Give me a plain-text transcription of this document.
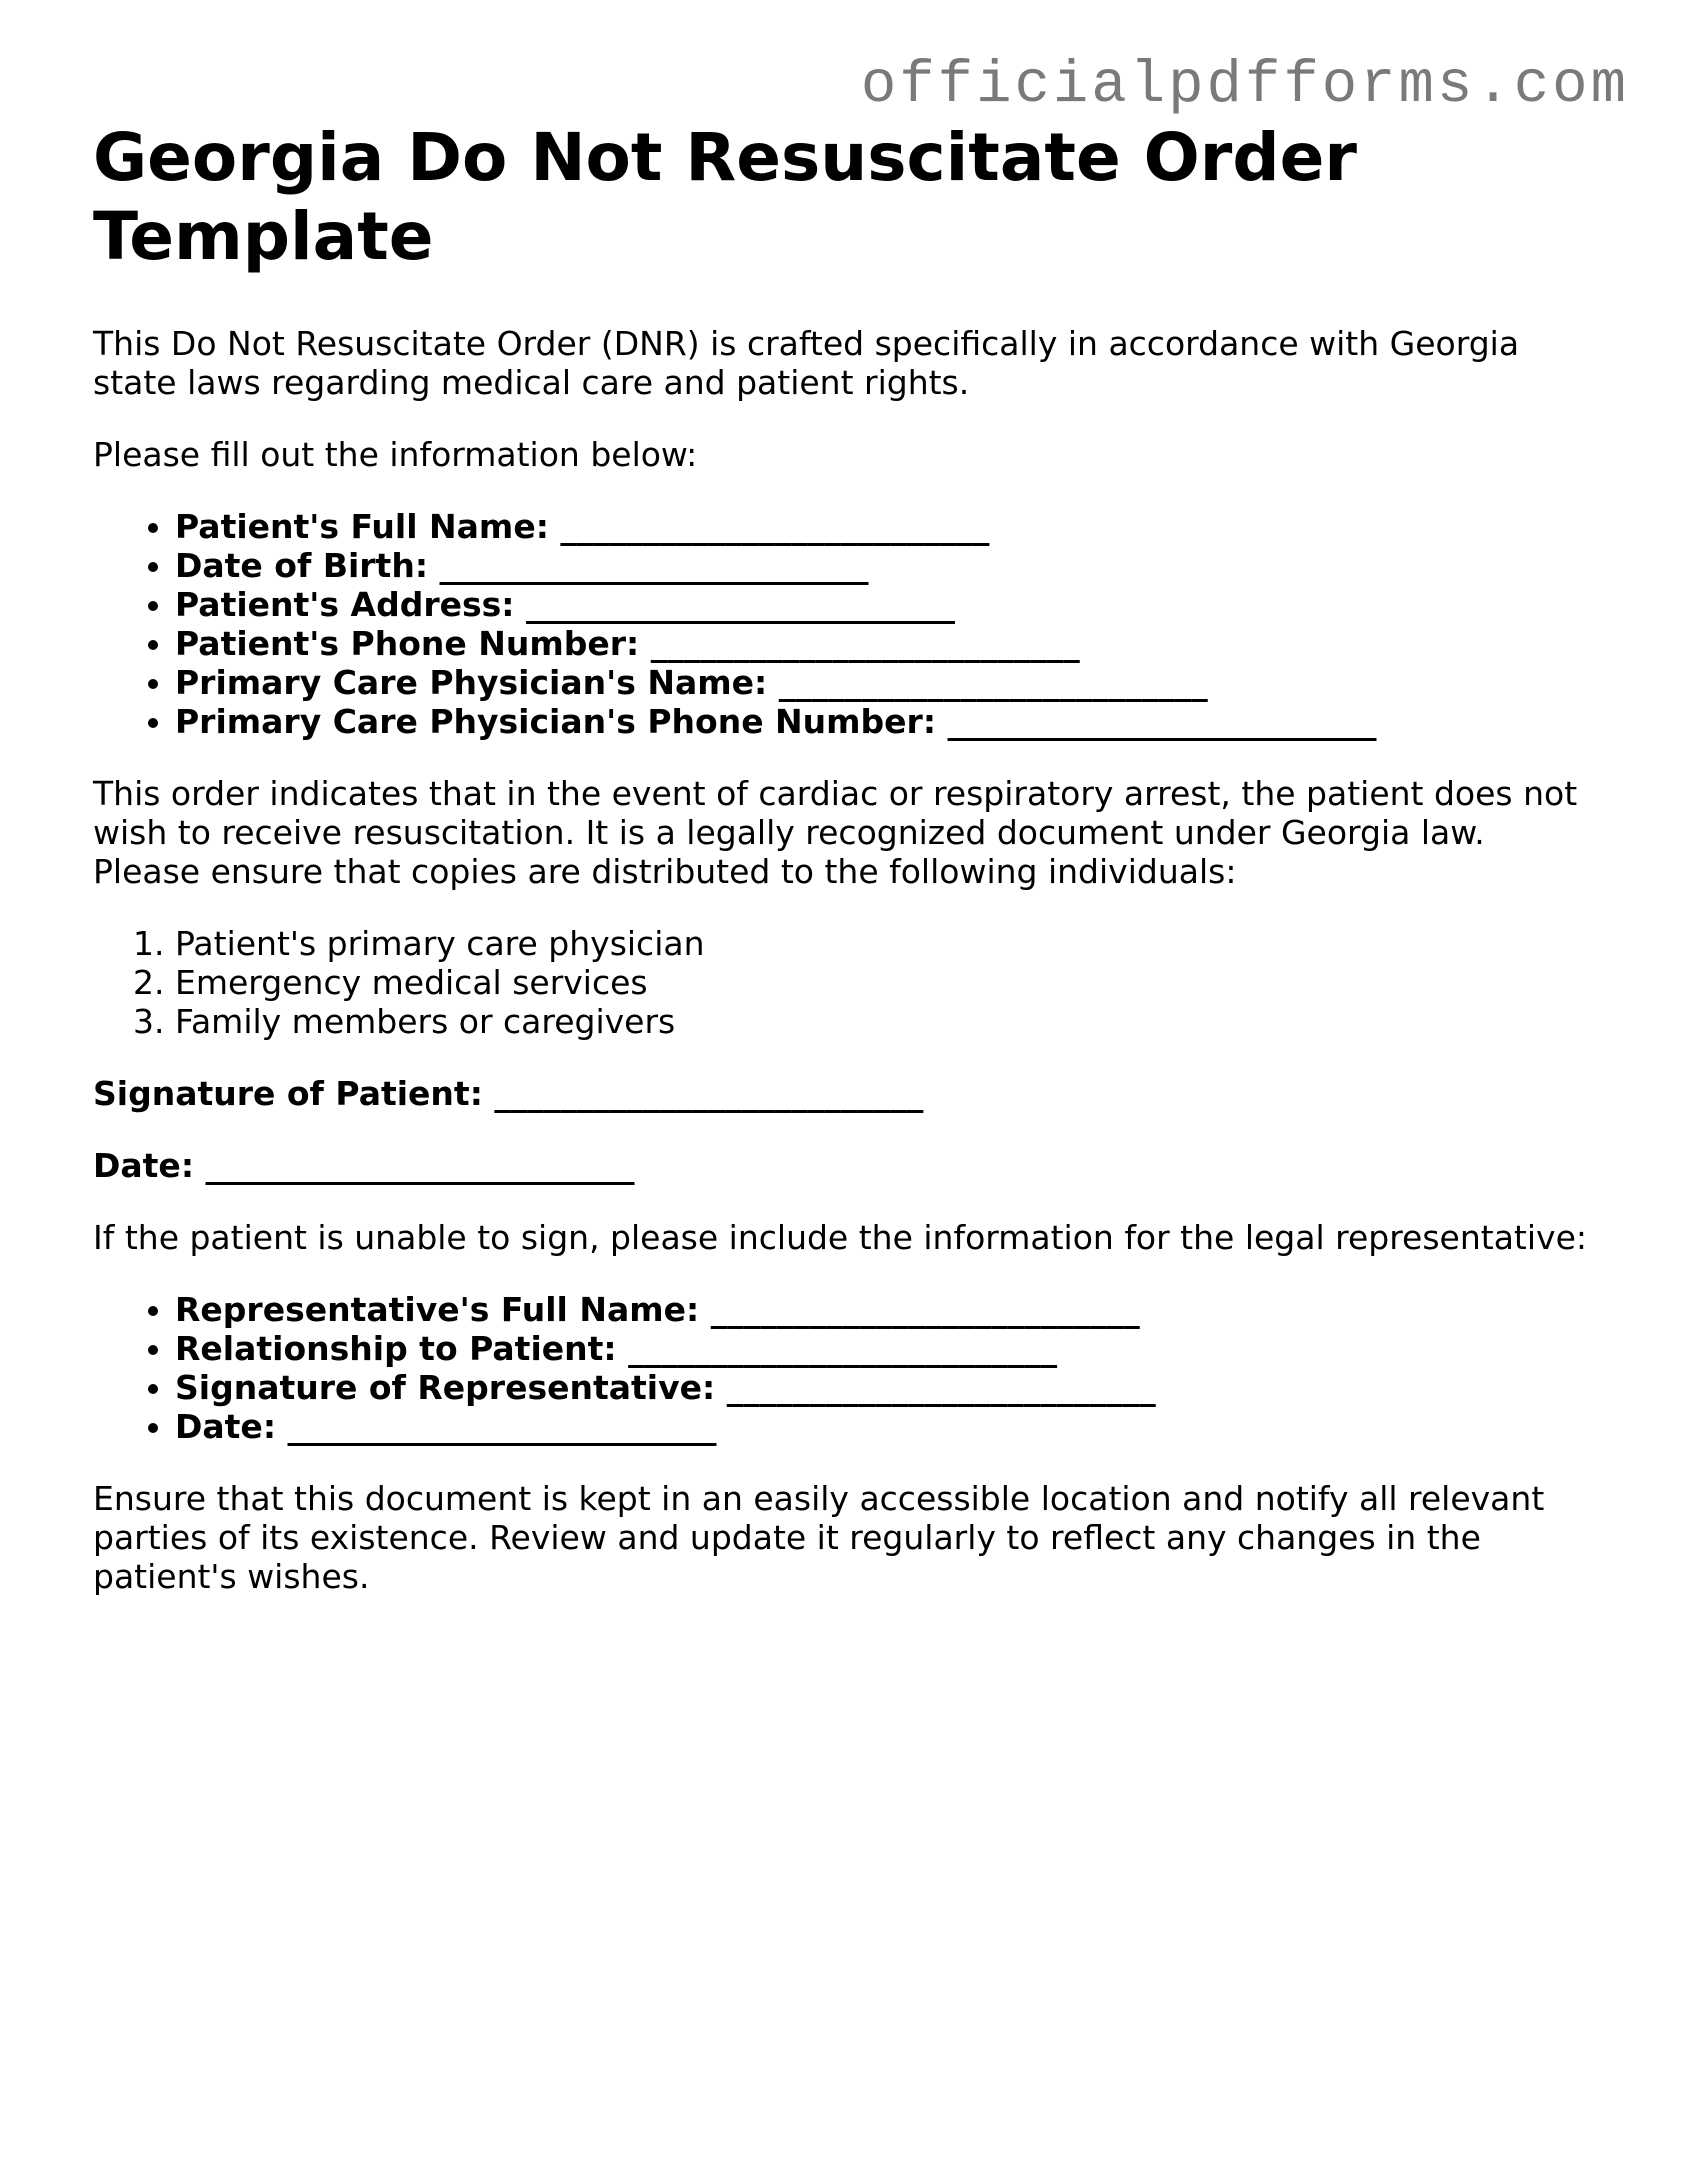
officialpdfforms.com
Georgia Do Not Resuscitate Order Template

This Do Not Resuscitate Order (DNR) is crafted specifically in accordance with Georgia state laws regarding medical care and patient rights.

Please fill out the information below:

• Patient's Full Name: __________________________
• Date of Birth: __________________________
• Patient's Address: __________________________
• Patient's Phone Number: __________________________
• Primary Care Physician's Name: __________________________
• Primary Care Physician's Phone Number: __________________________

This order indicates that in the event of cardiac or respiratory arrest, the patient does not wish to receive resuscitation. It is a legally recognized document under Georgia law. Please ensure that copies are distributed to the following individuals:

1. Patient's primary care physician
2. Emergency medical services
3. Family members or caregivers

Signature of Patient: __________________________

Date: __________________________

If the patient is unable to sign, please include the information for the legal representative:

• Representative's Full Name: __________________________
• Relationship to Patient: __________________________
• Signature of Representative: __________________________
• Date: __________________________

Ensure that this document is kept in an easily accessible location and notify all relevant parties of its existence. Review and update it regularly to reflect any changes in the patient's wishes.
